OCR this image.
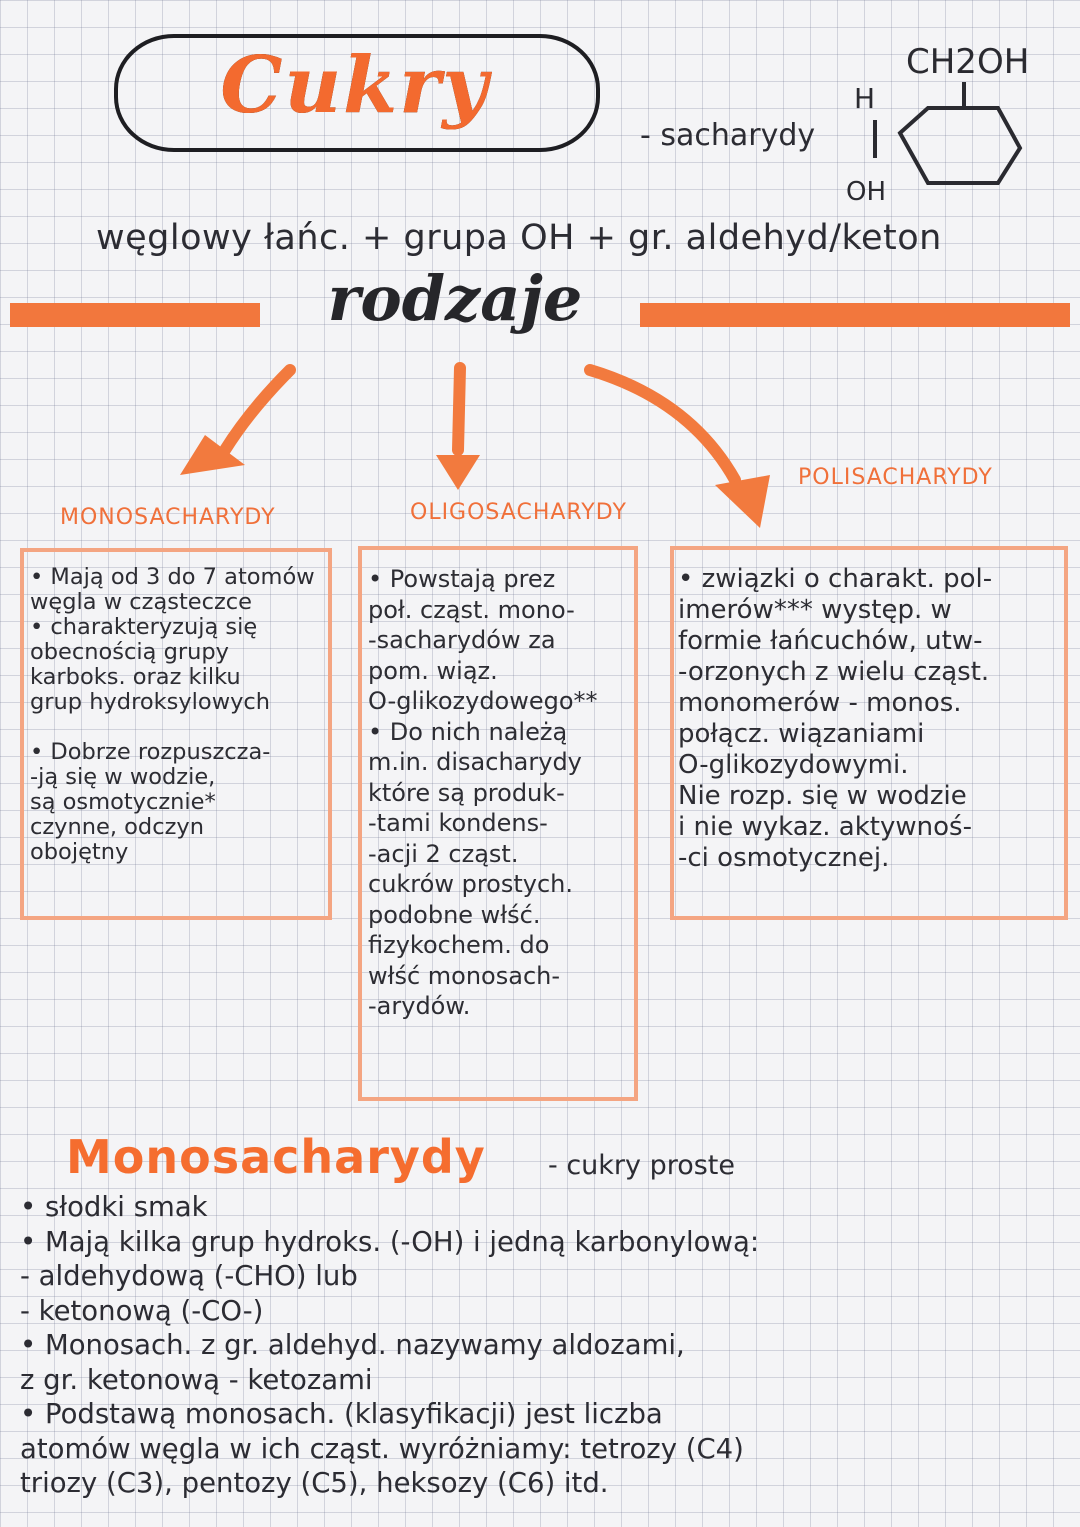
Cukry
- sacharydy
CH2OH
H
OH
węglowy łańc. + grupa OH + gr. aldehyd/keton
rodzaje
MONOSACHARYDY	OLIGOSACHARYDY
POLISACHARYDY
• Mają od 3 do 7 atomów
węgla w cząsteczce
• charakteryzują się
obecnością grupy
karboks. oraz kilku
grup hydroksylowych

• Dobrze rozpuszcza-
-ją się w wodzie,
są osmotycznie*
czynne, odczyn
obojętny
• Powstają prez
poł. cząst. mono-
-sacharydów za
pom. wiąz.
O-glikozydowego**
• Do nich należą
m.in. disacharydy
które są produk-
-tami kondens-
-acji 2 cząst.
cukrów prostych.
podobne włść.
fizykochem. do
włść monosach-
-arydów.
• związki o charakt. pol-
imerów*** występ. w
formie łańcuchów, utw-
-orzonych z wielu cząst.
monomerów - monos.
połącz. wiązaniami
O-glikozydowymi.
Nie rozp. się w wodzie
i nie wykaz. aktywnoś-
-ci osmotycznej.
Monosacharydy - cukry proste
• słodki smak
• Mają kilka grup hydroks. (-OH) i jedną karbonylową:
- aldehydową (-CHO) lub
- ketonową (-CO-)
• Monosach. z gr. aldehyd. nazywamy aldozami,
z gr. ketonową - ketozami
• Podstawą monosach. (klasyfikacji) jest liczba
atomów węgla w ich cząst. wyróżniamy: tetrozy (C4)
triozy (C3), pentozy (C5), heksozy (C6) itd.
